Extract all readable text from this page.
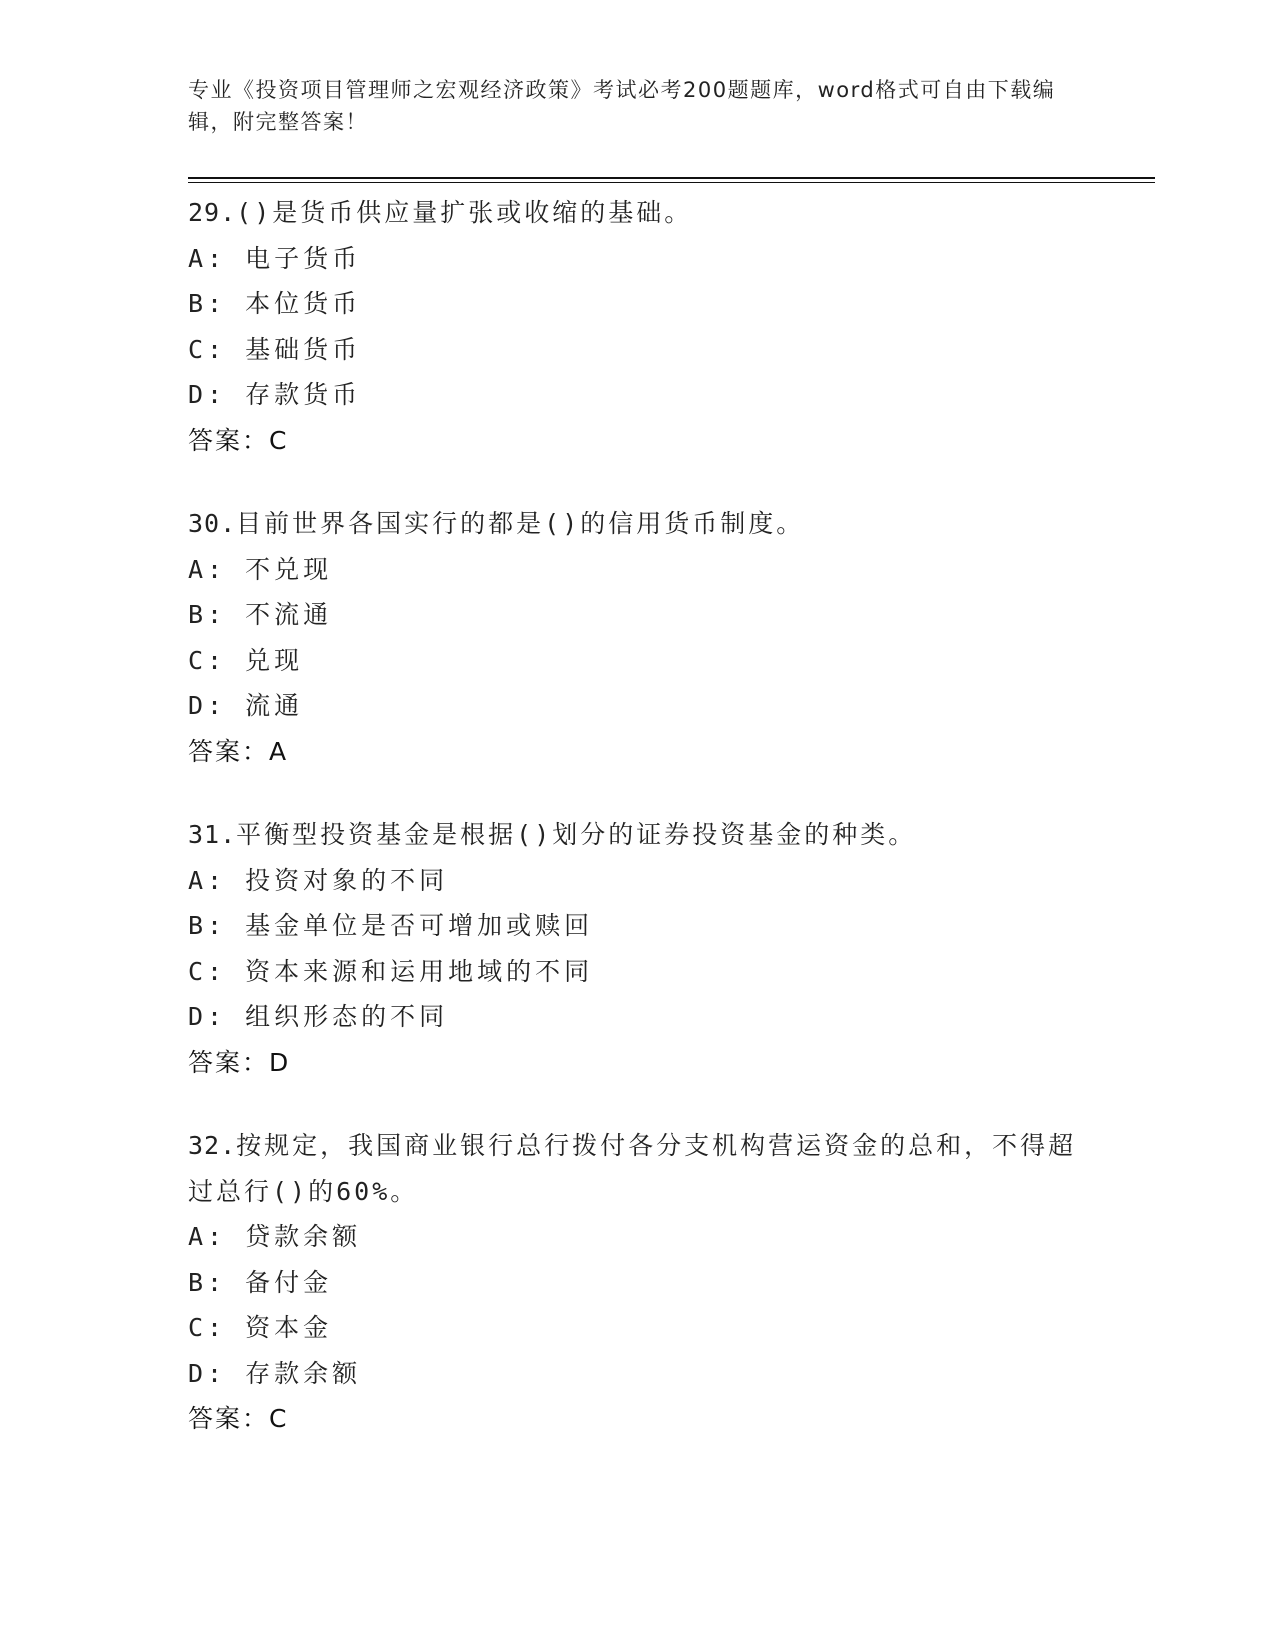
专业《投资项目管理师之宏观经济政策》考试必考200题题库，word格式可自由下载编辑，附完整答案！
29.()是货币供应量扩张或收缩的基础。
A: 电子货币
B: 本位货币
C: 基础货币
D: 存款货币
答案：C
30.目前世界各国实行的都是()的信用货币制度。
A: 不兑现
B: 不流通
C: 兑现
D: 流通
答案：A
31.平衡型投资基金是根据()划分的证券投资基金的种类。
A: 投资对象的不同
B: 基金单位是否可增加或赎回
C: 资本来源和运用地域的不同
D: 组织形态的不同
答案：D
32.按规定，我国商业银行总行拨付各分支机构营运资金的总和，不得超过总行()的60%。
A: 贷款余额
B: 备付金
C: 资本金
D: 存款余额
答案：C
